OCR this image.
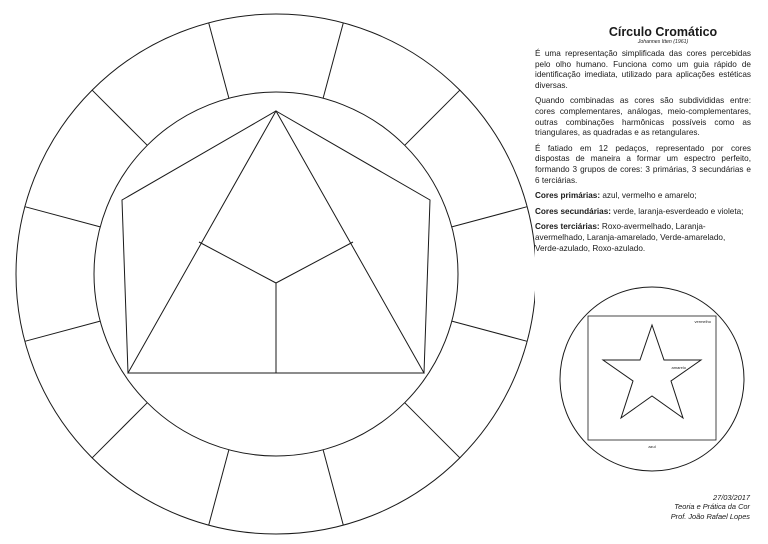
Círculo Cromático
Johannes Itten (1961)

É uma representação simplificada das cores percebidas pelo olho humano. Funciona como um guia rápido de identificação imediata, utilizado para aplicações estéticas diversas.

Quando combinadas as cores são subdivididas entre: cores complementares, análogas, meio-complementares, outras combinações harmônicas possíveis como as triangulares, as quadradas e as retangulares.

É fatiado em 12 pedaços, representado por cores dispostas de maneira a formar um espectro perfeito, formando 3 grupos de cores: 3 primárias, 3 secundárias e 6 terciárias.

Cores primárias: azul, vermelho e amarelo;

Cores secundárias: verde, laranja-esverdeado e violeta;

Cores terciárias: Roxo-avermelhado, Laranja-avermelhado, Laranja-amarelado, Verde-amarelado, Verde-azulado, Roxo-azulado.

vermelho
amarelo
azul
27/03/2017
Teoria e Prática da Cor
Prof. João Rafael Lopes
